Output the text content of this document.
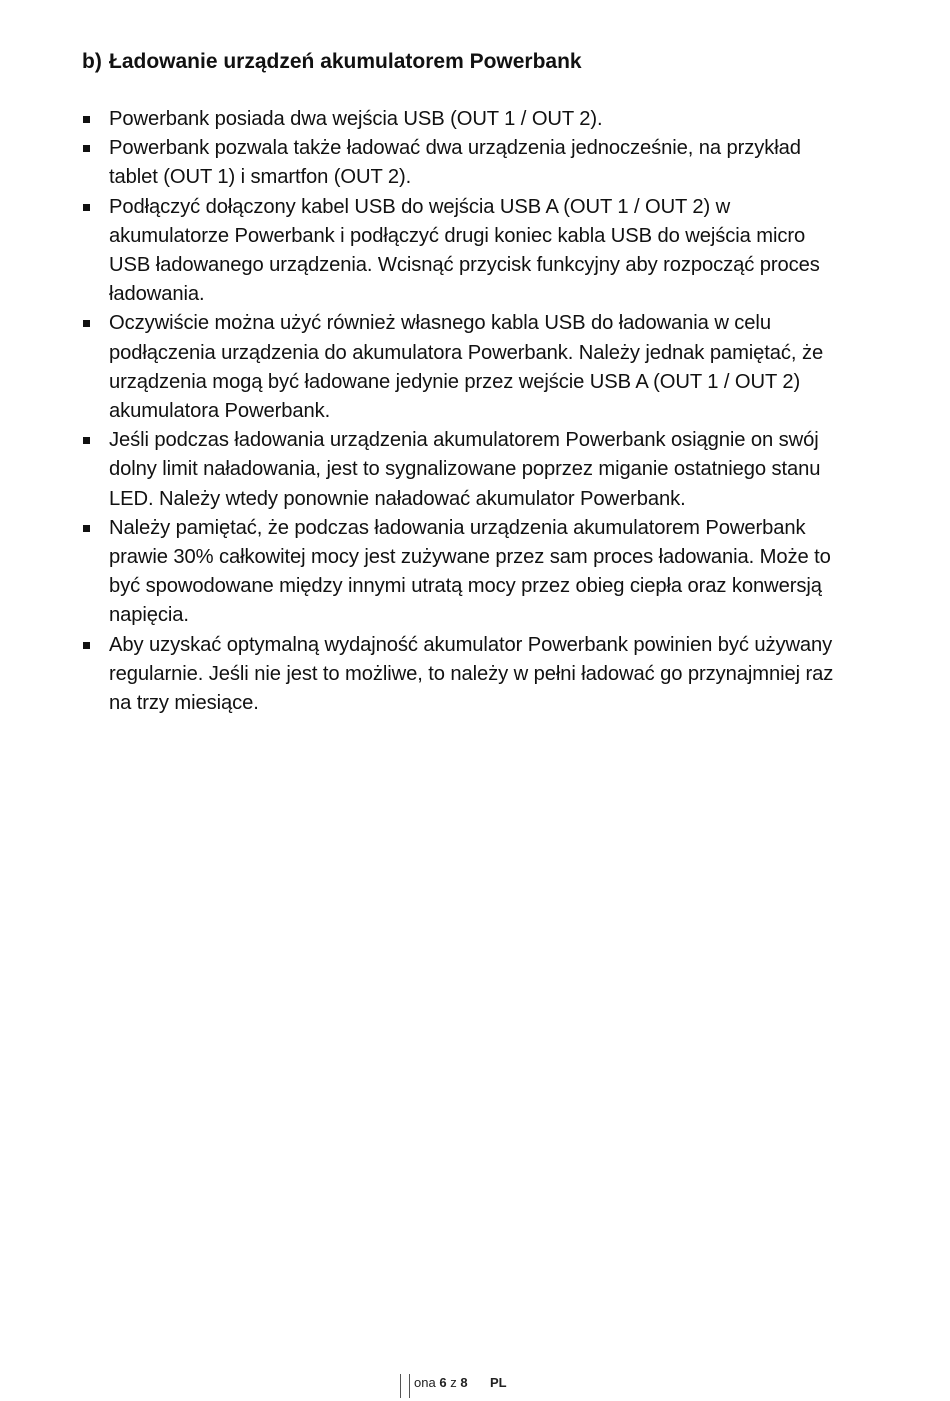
b) Ładowanie urządzeń akumulatorem Powerbank
Powerbank posiada dwa wejścia USB (OUT 1 / OUT 2).
Powerbank pozwala także ładować dwa urządzenia jednocześnie, na przykład tablet (OUT 1) i smartfon (OUT 2).
Podłączyć dołączony kabel USB do wejścia USB A (OUT 1 / OUT 2) w akumulatorze Powerbank i podłączyć drugi koniec kabla USB do wejścia micro USB ładowanego urządzenia. Wcisnąć przycisk funkcyjny aby rozpocząć proces ładowania.
Oczywiście można użyć również własnego kabla USB do ładowania w celu podłączenia urządzenia do akumulatora Powerbank. Należy jednak pamiętać, że urządzenia mogą być ładowane jedynie przez wejście USB A (OUT 1 / OUT 2) akumulatora Powerbank.
Jeśli podczas ładowania urządzenia akumulatorem Powerbank osiągnie on swój dolny limit naładowania, jest to sygnalizowane poprzez miganie ostatniego stanu LED. Należy wtedy ponownie naładować akumulator Powerbank.
Należy pamiętać, że podczas ładowania urządzenia akumulatorem Powerbank prawie 30% całkowitej mocy jest zużywane przez sam proces ładowania. Może to być spowodowane między innymi utratą mocy przez obieg ciepła oraz konwersją napięcia.
Aby uzyskać optymalną wydajność akumulator Powerbank powinien być używany regularnie. Jeśli nie jest to możliwe, to należy w pełni ładować go przynajmniej raz na trzy miesiące.
ona 6 z 8 PL
